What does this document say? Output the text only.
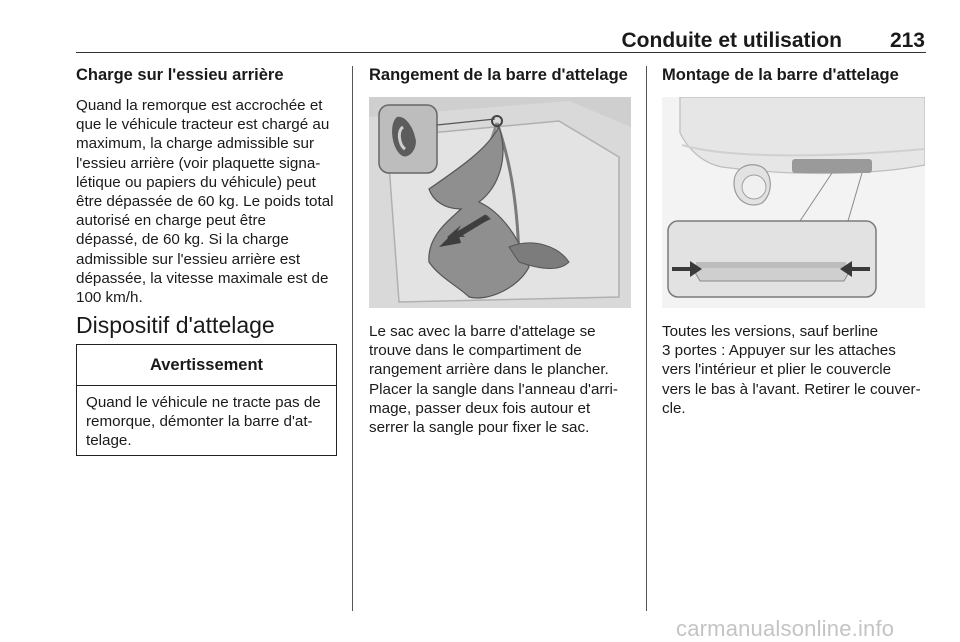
Conduite et utilisation	213
Charge sur l'essieu arrière

Quand la remorque est accrochée et
que le véhicule tracteur est chargé au
maximum, la charge admissible sur
l'essieu arrière (voir plaquette signa-
létique ou papiers du véhicule) peut
être dépassée de 60 kg. Le poids total
autorisé en charge peut être
dépassé, de 60 kg. Si la charge
admissible sur l'essieu arrière est
dépassée, la vitesse maximale est de
100 km/h.

Dispositif d'attelage
Avertissement
Quand le véhicule ne tracte pas de
remorque, démonter la barre d'at-
telage.
Rangement de la barre d'attelage

Le sac avec la barre d'attelage se
trouve dans le compartiment de
rangement arrière dans le plancher.

Placer la sangle dans l'anneau d'arri-
mage, passer deux fois autour et
serrer la sangle pour fixer le sac.

Montage de la barre d'attelage

Toutes les versions, sauf berline
3 portes : Appuyer sur les attaches
vers l'intérieur et plier le couvercle
vers le bas à l'avant. Retirer le couver-
cle.

carmanualsonline.info
